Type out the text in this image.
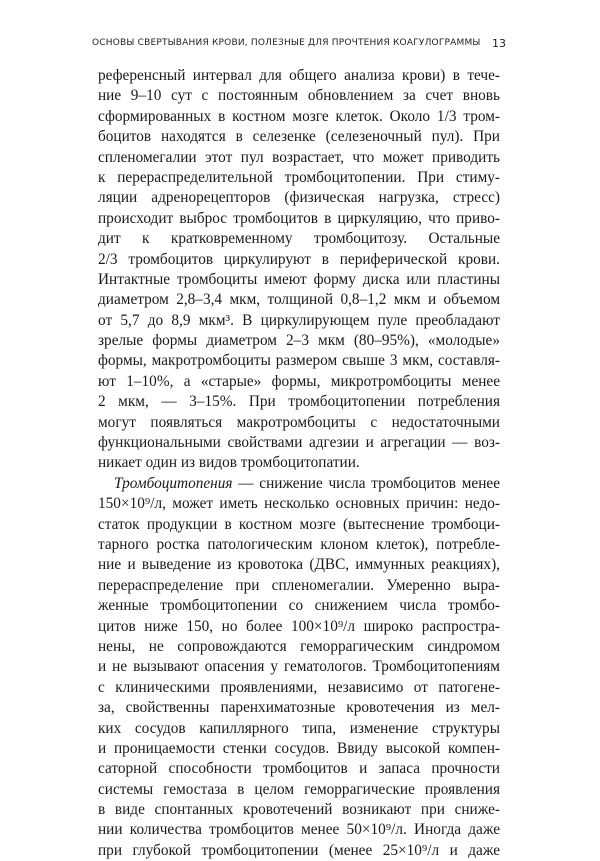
ОСНОВЫ СВЕРТЫВАНИЯ КРОВИ, ПОЛЕЗНЫЕ ДЛЯ ПРОЧТЕНИЯ КОАГУЛОГРАММЫ 13
референсный интервал для общего анализа крови) в тече-
ние 9–10 сут с постоянным обновлением за счет вновь
сформированных в костном мозге клеток. Около 1/3 тром-
боцитов находятся в селезенке (селезеночный пул). При
спленомегалии этот пул возрастает, что может приводить
к перераспределительной тромбоцитопении. При стиму-
ляции адренорецепторов (физическая нагрузка, стресс)
происходит выброс тромбоцитов в циркуляцию, что приво-
дит к кратковременному тромбоцитозу. Остальные
2/3 тромбоцитов циркулируют в периферической крови.
Интактные тромбоциты имеют форму диска или пластины
диаметром 2,8–3,4 мкм, толщиной 0,8–1,2 мкм и объемом
от 5,7 до 8,9 мкм³. В циркулирующем пуле преобладают
зрелые формы диаметром 2–3 мкм (80–95%), «молодые»
формы, макротромбоциты размером свыше 3 мкм, составля-
ют 1–10%, а «старые» формы, микротромбоциты менее
2 мкм, — 3–15%. При тромбоцитопении потребления
могут появляться макротромбоциты с недостаточными
функциональными свойствами адгезии и агрегации — воз-
никает один из видов тромбоцитопатии.
Тромбоцитопения — снижение числа тромбоцитов менее
150×10⁹/л, может иметь несколько основных причин: недо-
статок продукции в костном мозге (вытеснение тромбоци-
тарного ростка патологическим клоном клеток), потребле-
ние и выведение из кровотока (ДВС, иммунных реакциях),
перераспределение при спленомегалии. Умеренно выра-
женные тромбоцитопении со снижением числа тромбо-
цитов ниже 150, но более 100×10⁹/л широко распростра-
нены, не сопровождаются геморрагическим синдромом
и не вызывают опасения у гематологов. Тромбоцитопениям
с клиническими проявлениями, независимо от патогене-
за, свойственны паренхиматозные кровотечения из мел-
ких сосудов капиллярного типа, изменение структуры
и проницаемости стенки сосудов. Ввиду высокой компен-
саторной способности тромбоцитов и запаса прочности
системы гемостаза в целом геморрагические проявления
в виде спонтанных кровотечений возникают при сниже-
нии количества тромбоцитов менее 50×10⁹/л. Иногда даже
при глубокой тромбоцитопении (менее 25×10⁹/л и даже
